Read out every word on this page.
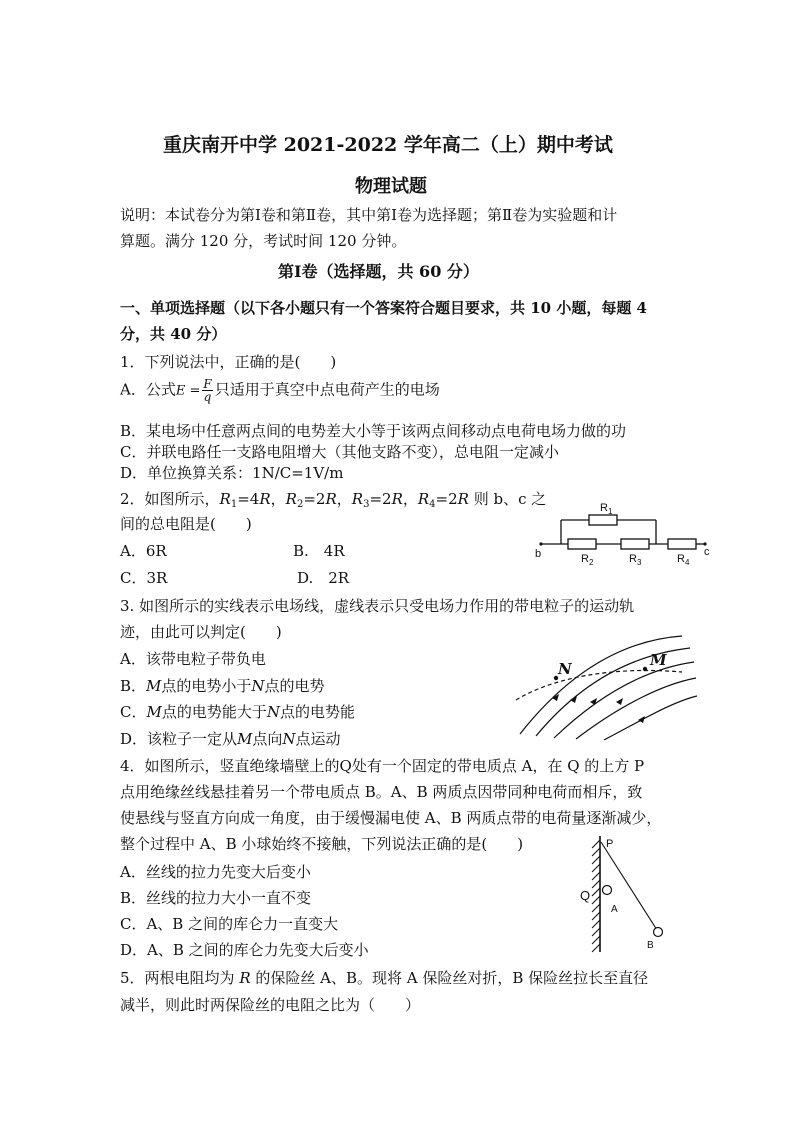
重庆南开中学 2021-2022 学年高二（上）期中考试
物理试题
说明：本试卷分为第Ⅰ卷和第Ⅱ卷，其中第Ⅰ卷为选择题；第Ⅱ卷为实验题和计
算题。满分 120 分，考试时间 120 分钟。
第Ⅰ卷（选择题，共 60 分）
一、单项选择题（以下各小题只有一个答案符合题目要求，共 10 小题，每题 4
分，共 40 分）
1．下列说法中，正确的是(　　)
A．公式$E = \frac{F}{q}$ 只适用于真空中点电荷产生的电场
B．某电场中任意两点间的电势差大小等于该两点间移动点电荷电场力做的功
C．并联电路任一支路电阻增大（其他支路不变），总电阻一定减小
D．单位换算关系：1N/C=1V/m
2．如图所示，$R_1=4R$，$R_2=2R$，$R_3=2R$，$R_4=2R$ 则 b、c 之
间的总电阻是(　　)
A．6R	B.　4R
C．3R	D.　2R
b	c
$R_1$
$R_2$	$R_3$	$R_4$
3. 如图所示的实线表示电场线，虚线表示只受电场力作用的带电粒子的运动轨
迹，由此可以判定(　　)
A．该带电粒子带负电
B．M点的电势小于N点的电势
C．M点的电势能大于N点的电势能
D．该粒子一定从M点向N点运动
N	M
4．如图所示，竖直绝缘墙壁上的Q处有一个固定的带电质点 A，在 Q 的上方 P
点用绝缘丝线悬挂着另一个带电质点 B。A、B 两质点因带同种电荷而相斥，致
使悬线与竖直方向成一角度，由于缓慢漏电使 A、B 两质点带的电荷量逐渐减少，
整个过程中 A、B 小球始终不接触，下列说法正确的是(　　)
A．丝线的拉力先变大后变小
B．丝线的拉力大小一直不变
C．A、B 之间的库仑力一直变大
D．A、B 之间的库仑力先变大后变小
P
Q
A
B
5．两根电阻均为 R 的保险丝 A、B。现将 A 保险丝对折，B 保险丝拉长至直径
减半，则此时两保险丝的电阻之比为（　　）
